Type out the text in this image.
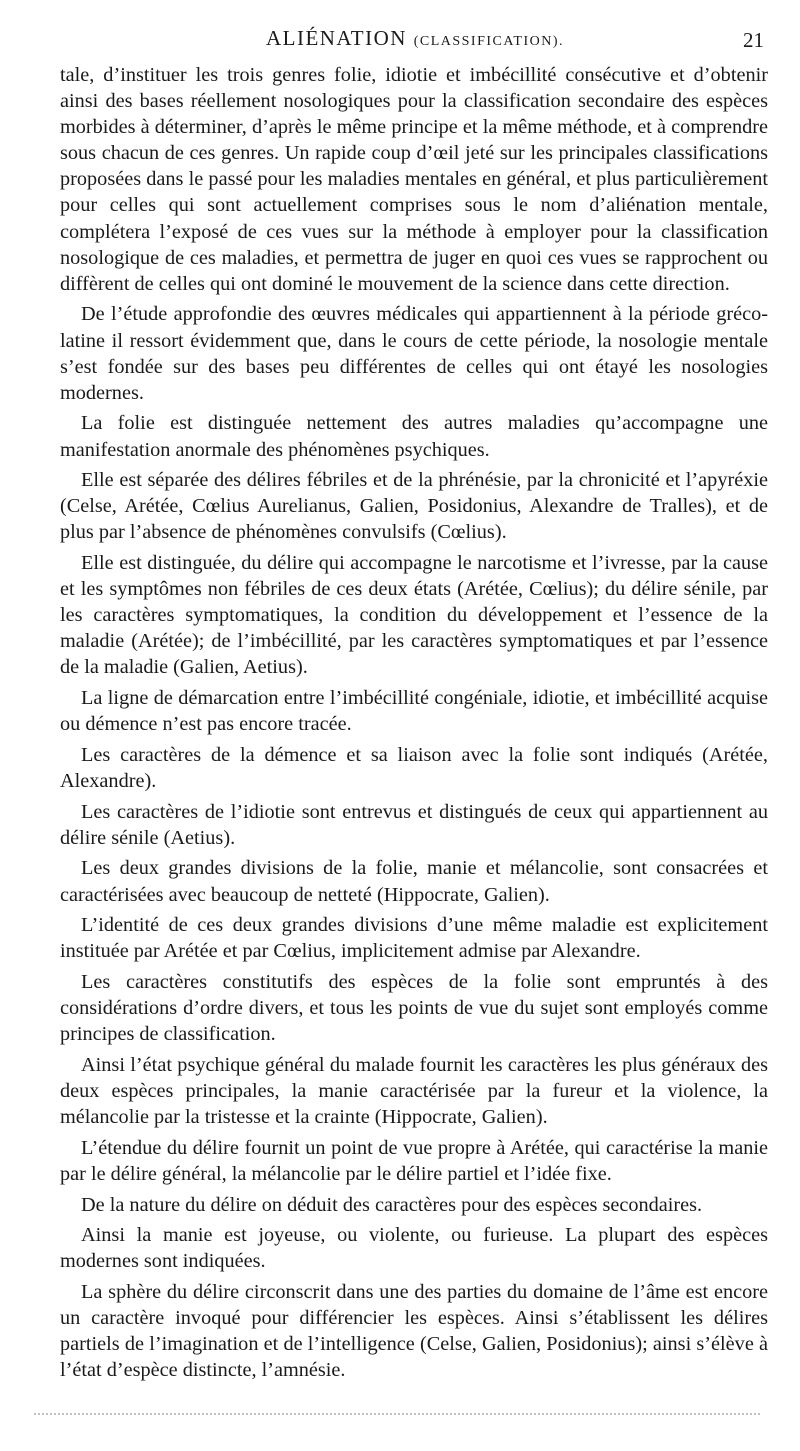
ALIÉNATION (CLASSIFICATION).	21

tale, d’instituer les trois genres folie, idiotie et imbécillité consécutive et d’obtenir ainsi des bases réellement nosologiques pour la classification secondaire des espèces morbides à déterminer, d’après le même principe et la même méthode, et à comprendre sous chacun de ces genres. Un rapide coup d’œil jeté sur les principales classifications proposées dans le passé pour les maladies mentales en général, et plus particulièrement pour celles qui sont actuellement comprises sous le nom d’aliénation mentale, complétera l’exposé de ces vues sur la méthode à employer pour la classification nosologique de ces maladies, et permettra de juger en quoi ces vues se rapprochent ou diffèrent de celles qui ont dominé le mouvement de la science dans cette direction.

De l’étude approfondie des œuvres médicales qui appartiennent à la période gréco-latine il ressort évidemment que, dans le cours de cette période, la nosologie mentale s’est fondée sur des bases peu différentes de celles qui ont étayé les nosologies modernes.

La folie est distinguée nettement des autres maladies qu’accompagne une manifestation anormale des phénomènes psychiques.

Elle est séparée des délires fébriles et de la phrénésie, par la chronicité et l’apyréxie (Celse, Arétée, Cœlius Aurelianus, Galien, Posidonius, Alexandre de Tralles), et de plus par l’absence de phénomènes convulsifs (Cœlius).

Elle est distinguée, du délire qui accompagne le narcotisme et l’ivresse, par la cause et les symptômes non fébriles de ces deux états (Arétée, Cœlius); du délire sénile, par les caractères symptomatiques, la condition du développement et l’essence de la maladie (Arétée); de l’imbécillité, par les caractères symptomatiques et par l’essence de la maladie (Galien, Aetius).

La ligne de démarcation entre l’imbécillité congéniale, idiotie, et imbécillité acquise ou démence n’est pas encore tracée.

Les caractères de la démence et sa liaison avec la folie sont indiqués (Arétée, Alexandre).

Les caractères de l’idiotie sont entrevus et distingués de ceux qui appartiennent au délire sénile (Aetius).

Les deux grandes divisions de la folie, manie et mélancolie, sont consacrées et caractérisées avec beaucoup de netteté (Hippocrate, Galien).

L’identité de ces deux grandes divisions d’une même maladie est explicitement instituée par Arétée et par Cœlius, implicitement admise par Alexandre.

Les caractères constitutifs des espèces de la folie sont empruntés à des considérations d’ordre divers, et tous les points de vue du sujet sont employés comme principes de classification.

Ainsi l’état psychique général du malade fournit les caractères les plus généraux des deux espèces principales, la manie caractérisée par la fureur et la violence, la mélancolie par la tristesse et la crainte (Hippocrate, Galien).

L’étendue du délire fournit un point de vue propre à Arétée, qui caractérise la manie par le délire général, la mélancolie par le délire partiel et l’idée fixe.

De la nature du délire on déduit des caractères pour des espèces secondaires.

Ainsi la manie est joyeuse, ou violente, ou furieuse. La plupart des espèces modernes sont indiquées.

La sphère du délire circonscrit dans une des parties du domaine de l’âme est encore un caractère invoqué pour différencier les espèces. Ainsi s’établissent les délires partiels de l’imagination et de l’intelligence (Celse, Galien, Posidonius); ainsi s’élève à l’état d’espèce distincte, l’amnésie.
